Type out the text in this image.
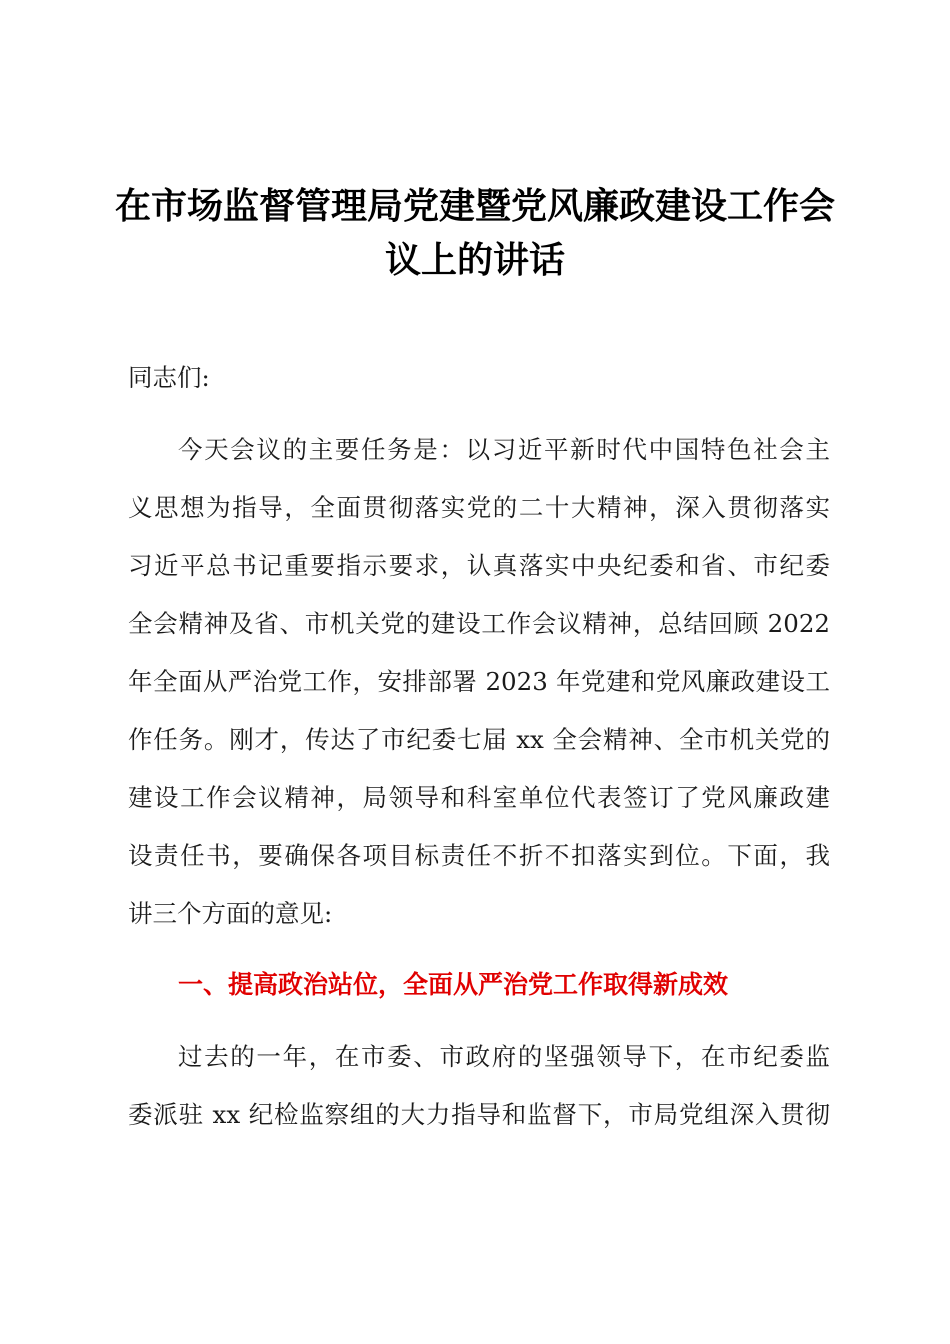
在市场监督管理局党建暨党风廉政建设工作会
议上的讲话
同志们:
今天会议的主要任务是：以习近平新时代中国特色社会主
义思想为指导，全面贯彻落实党的二十大精神，深入贯彻落实
习近平总书记重要指示要求，认真落实中央纪委和省、市纪委
全会精神及省、市机关党的建设工作会议精神，总结回顾 2022
年全面从严治党工作，安排部署 2023 年党建和党风廉政建设工
作任务。刚才，传达了市纪委七届 xx 全会精神、全市机关党的
建设工作会议精神，局领导和科室单位代表签订了党风廉政建
设责任书，要确保各项目标责任不折不扣落实到位。下面，我
讲三个方面的意见:
一、提高政治站位，全面从严治党工作取得新成效
过去的一年，在市委、市政府的坚强领导下，在市纪委监
委派驻 xx 纪检监察组的大力指导和监督下，市局党组深入贯彻
